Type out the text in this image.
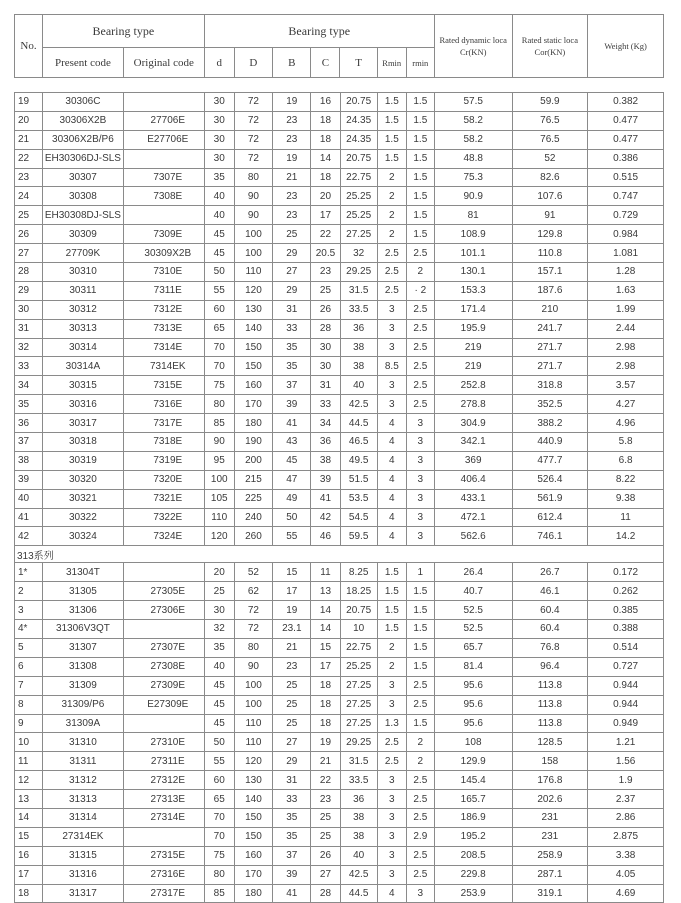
No.	Bearing type		Bearing type							Rated dynamic loca Cr(KN)	Rated static loca Cor(KN)	Weight (Kg)
	Present code	Original code	d	D	B	C	T	Rmin	rmin			
19	30306C		30	72	19	16	20.75	1.5	1.5	57.5	59.9	0.382
20	30306X2B	27706E	30	72	23	18	24.35	1.5	1.5	58.2	76.5	0.477
21	30306X2B/P6	E27706E	30	72	23	18	24.35	1.5	1.5	58.2	76.5	0.477
22	EH30306DJ-SLS		30	72	19	14	20.75	1.5	1.5	48.8	52	0.386
23	30307	7307E	35	80	21	18	22.75	2	1.5	75.3	82.6	0.515
24	30308	7308E	40	90	23	20	25.25	2	1.5	90.9	107.6	0.747
25	EH30308DJ-SLS		40	90	23	17	25.25	2	1.5	81	91	0.729
26	30309	7309E	45	100	25	22	27.25	2	1.5	108.9	129.8	0.984
27	27709K	30309X2B	45	100	29	20.5	32	2.5	2.5	101.1	110.8	1.081
28	30310	7310E	50	110	27	23	29.25	2.5	2	130.1	157.1	1.28
29	30311	7311E	55	120	29	25	31.5	2.5	· 2	153.3	187.6	1.63
30	30312	7312E	60	130	31	26	33.5	3	2.5	171.4	210	1.99
31	30313	7313E	65	140	33	28	36	3	2.5	195.9	241.7	2.44
32	30314	7314E	70	150	35	30	38	3	2.5	219	271.7	2.98
33	30314A	7314EK	70	150	35	30	38	8.5	2.5	219	271.7	2.98
34	30315	7315E	75	160	37	31	40	3	2.5	252.8	318.8	3.57
35	30316	7316E	80	170	39	33	42.5	3	2.5	278.8	352.5	4.27
36	30317	7317E	85	180	41	34	44.5	4	3	304.9	388.2	4.96
37	30318	7318E	90	190	43	36	46.5	4	3	342.1	440.9	5.8
38	30319	7319E	95	200	45	38	49.5	4	3	369	477.7	6.8
39	30320	7320E	100	215	47	39	51.5	4	3	406.4	526.4	8.22
40	30321	7321E	105	225	49	41	53.5	4	3	433.1	561.9	9.38
41	30322	7322E	110	240	50	42	54.5	4	3	472.1	612.4	11
42	30324	7324E	120	260	55	46	59.5	4	3	562.6	746.1	14.2
313系列												
1*	31304T		20	52	15	11	8.25	1.5	1	26.4	26.7	0.172
2	31305	27305E	25	62	17	13	18.25	1.5	1.5	40.7	46.1	0.262
3	31306	27306E	30	72	19	14	20.75	1.5	1.5	52.5	60.4	0.385
4*	31306V3QT		32	72	23.1	14	10	1.5	1.5	52.5	60.4	0.388
5	31307	27307E	35	80	21	15	22.75	2	1.5	65.7	76.8	0.514
6	31308	27308E	40	90	23	17	25.25	2	1.5	81.4	96.4	0.727
7	31309	27309E	45	100	25	18	27.25	3	2.5	95.6	113.8	0.944
8	31309/P6	E27309E	45	100	25	18	27.25	3	2.5	95.6	113.8	0.944
9	31309A		45	110	25	18	27.25	1.3	1.5	95.6	113.8	0.949
10	31310	27310E	50	110	27	19	29.25	2.5	2	108	128.5	1.21
11	31311	27311E	55	120	29	21	31.5	2.5	2	129.9	158	1.56
12	31312	27312E	60	130	31	22	33.5	3	2.5	145.4	176.8	1.9
13	31313	27313E	65	140	33	23	36	3	2.5	165.7	202.6	2.37
14	31314	27314E	70	150	35	25	38	3	2.5	186.9	231	2.86
15	27314EK		70	150	35	25	38	3	2.9	195.2	231	2.875
16	31315	27315E	75	160	37	26	40	3	2.5	208.5	258.9	3.38
17	31316	27316E	80	170	39	27	42.5	3	2.5	229.8	287.1	4.05
18	31317	27317E	85	180	41	28	44.5	4	3	253.9	319.1	4.69
